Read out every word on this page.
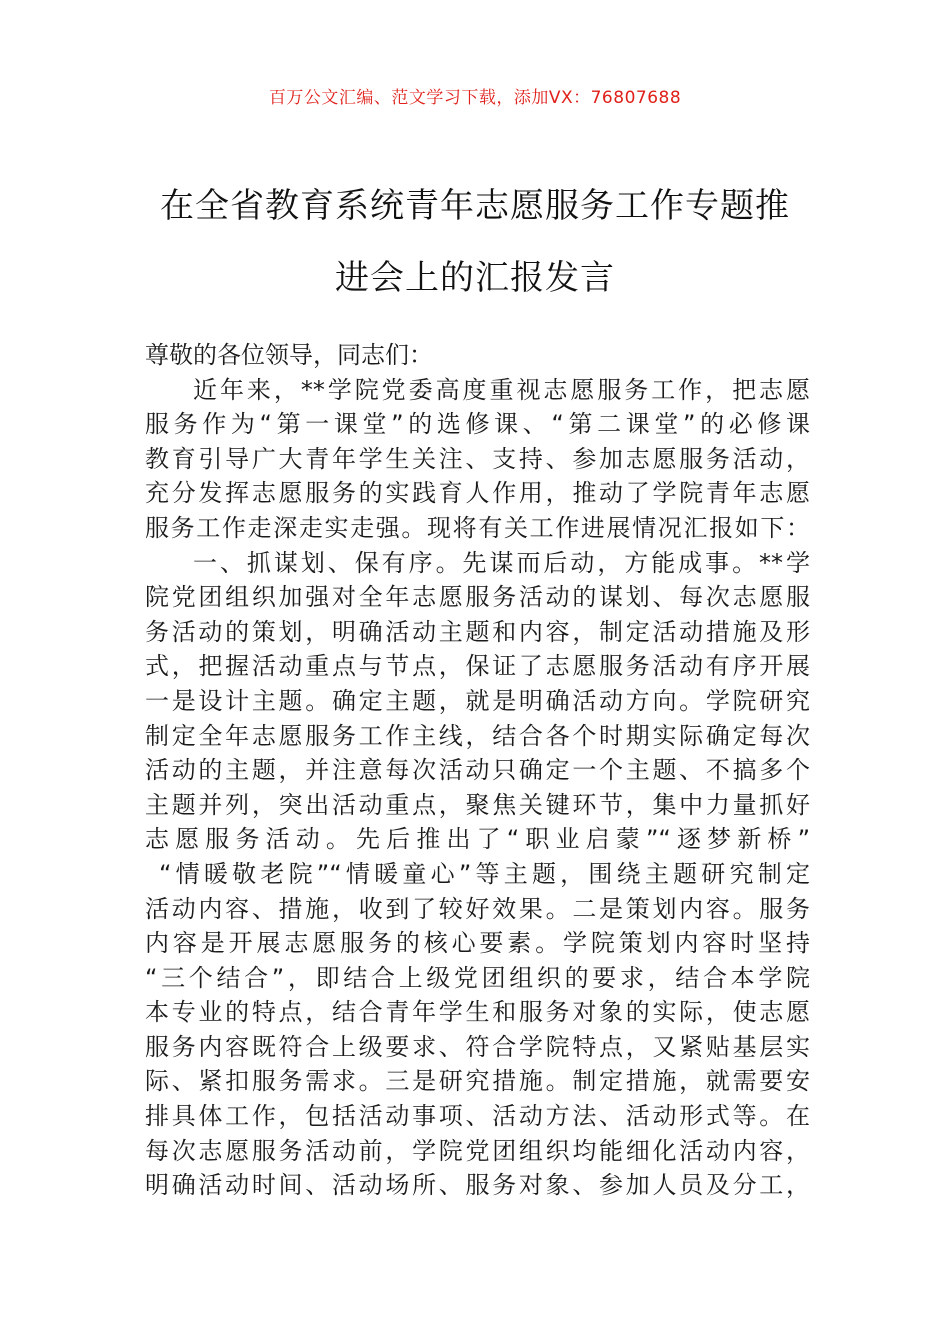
百万公文汇编、范文学习下载，添加VX：76807688
在全省教育系统青年志愿服务工作专题推
进会上的汇报发言
尊敬的各位领导，同志们：
近年来，**学院党委高度重视志愿服务工作，把志愿
服务作为“第一课堂”的选修课、“第二课堂”的必修课
教育引导广大青年学生关注、支持、参加志愿服务活动，
充分发挥志愿服务的实践育人作用，推动了学院青年志愿
服务工作走深走实走强。现将有关工作进展情况汇报如下：
一、抓谋划、保有序。先谋而后动，方能成事。**学
院党团组织加强对全年志愿服务活动的谋划、每次志愿服
务活动的策划，明确活动主题和内容，制定活动措施及形
式，把握活动重点与节点，保证了志愿服务活动有序开展
一是设计主题。确定主题，就是明确活动方向。学院研究
制定全年志愿服务工作主线，结合各个时期实际确定每次
活动的主题，并注意每次活动只确定一个主题、不搞多个
主题并列，突出活动重点，聚焦关键环节，集中力量抓好
志愿服务活动。先后推出了“职业启蒙”“逐梦新桥”
“情暖敬老院”“情暖童心”等主题，围绕主题研究制定
活动内容、措施，收到了较好效果。二是策划内容。服务
内容是开展志愿服务的核心要素。学院策划内容时坚持
“三个结合”，即结合上级党团组织的要求，结合本学院
本专业的特点，结合青年学生和服务对象的实际，使志愿
服务内容既符合上级要求、符合学院特点，又紧贴基层实
际、紧扣服务需求。三是研究措施。制定措施，就需要安
排具体工作，包括活动事项、活动方法、活动形式等。在
每次志愿服务活动前，学院党团组织均能细化活动内容，
明确活动时间、活动场所、服务对象、参加人员及分工，
